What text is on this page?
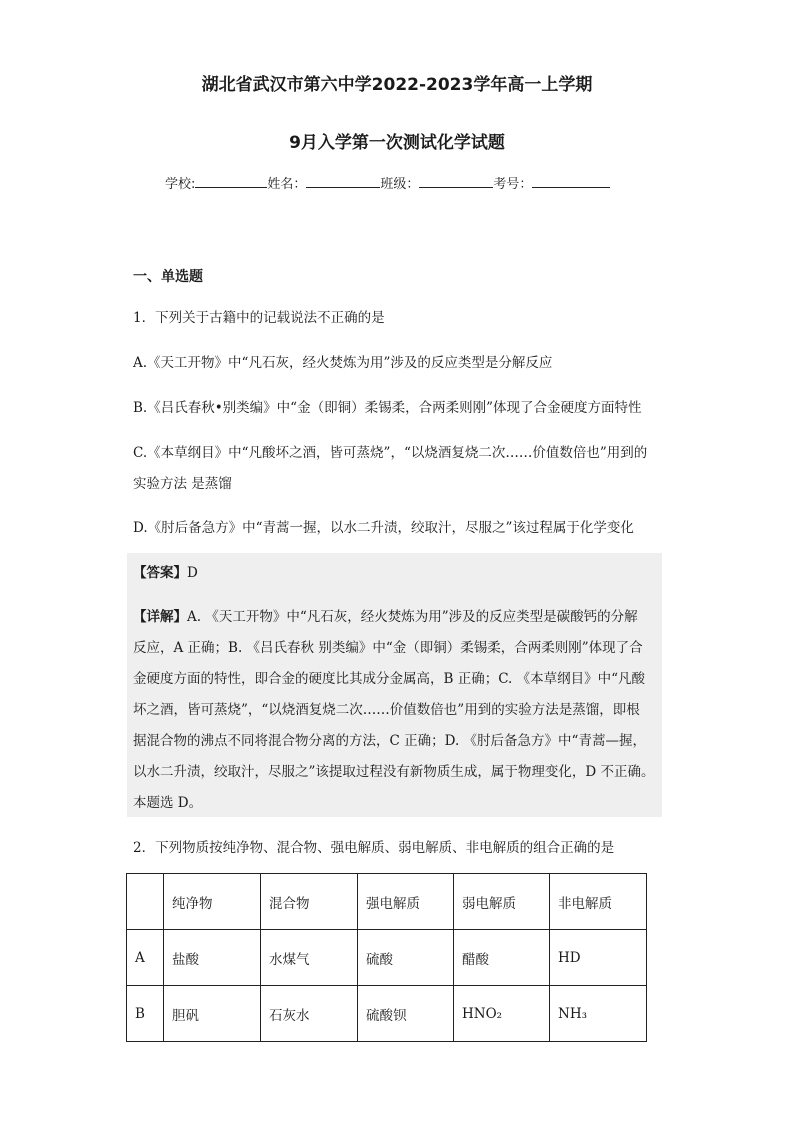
湖北省武汉市第六中学2022-2023学年高一上学期
9月入学第一次测试化学试题
学校:	姓名：	班级：	考号：
一、单选题
1．下列关于古籍中的记载说法不正确的是
A.《天工开物》中“凡石灰，经火焚炼为用”涉及的反应类型是分解反应
B.《吕氏春秋•别类编》中“金（即铜）柔锡柔，合两柔则刚”体现了合金硬度方面特性
C.《本草纲目》中“凡酸坏之酒，皆可蒸烧”，“以烧酒复烧二次……价值数倍也”用到的
实验方法 是蒸馏
D.《肘后备急方》中“青蒿一握，以水二升渍，绞取汁，尽服之”该过程属于化学变化
【答案】D
【详解】A. 《天工开物》中“凡石灰，经火焚炼为用”涉及的反应类型是碳酸钙的分解
反应，A 正确；B. 《吕氏春秋 别类编》中“金（即铜）柔锡柔，合两柔则刚”体现了合
金硬度方面的特性，即合金的硬度比其成分金属高，B 正确；C. 《本草纲目》中“凡酸
坏之酒，皆可蒸烧”，“以烧酒复烧二次……价值数倍也”用到的实验方法是蒸馏，即根
据混合物的沸点不同将混合物分离的方法，C 正确；D. 《肘后备急方》中“青蒿—握，
以水二升渍，绞取汁，尽服之”该提取过程没有新物质生成，属于物理变化，D 不正确。
本题选 D。
2．下列物质按纯净物、混合物、强电解质、弱电解质、非电解质的组合正确的是
	纯净物	混合物	强电解质	弱电解质	非电解质
A	盐酸	水煤气	硫酸	醋酸	HD
B	胆矾	石灰水	硫酸钡	HNO₂	NH₃
